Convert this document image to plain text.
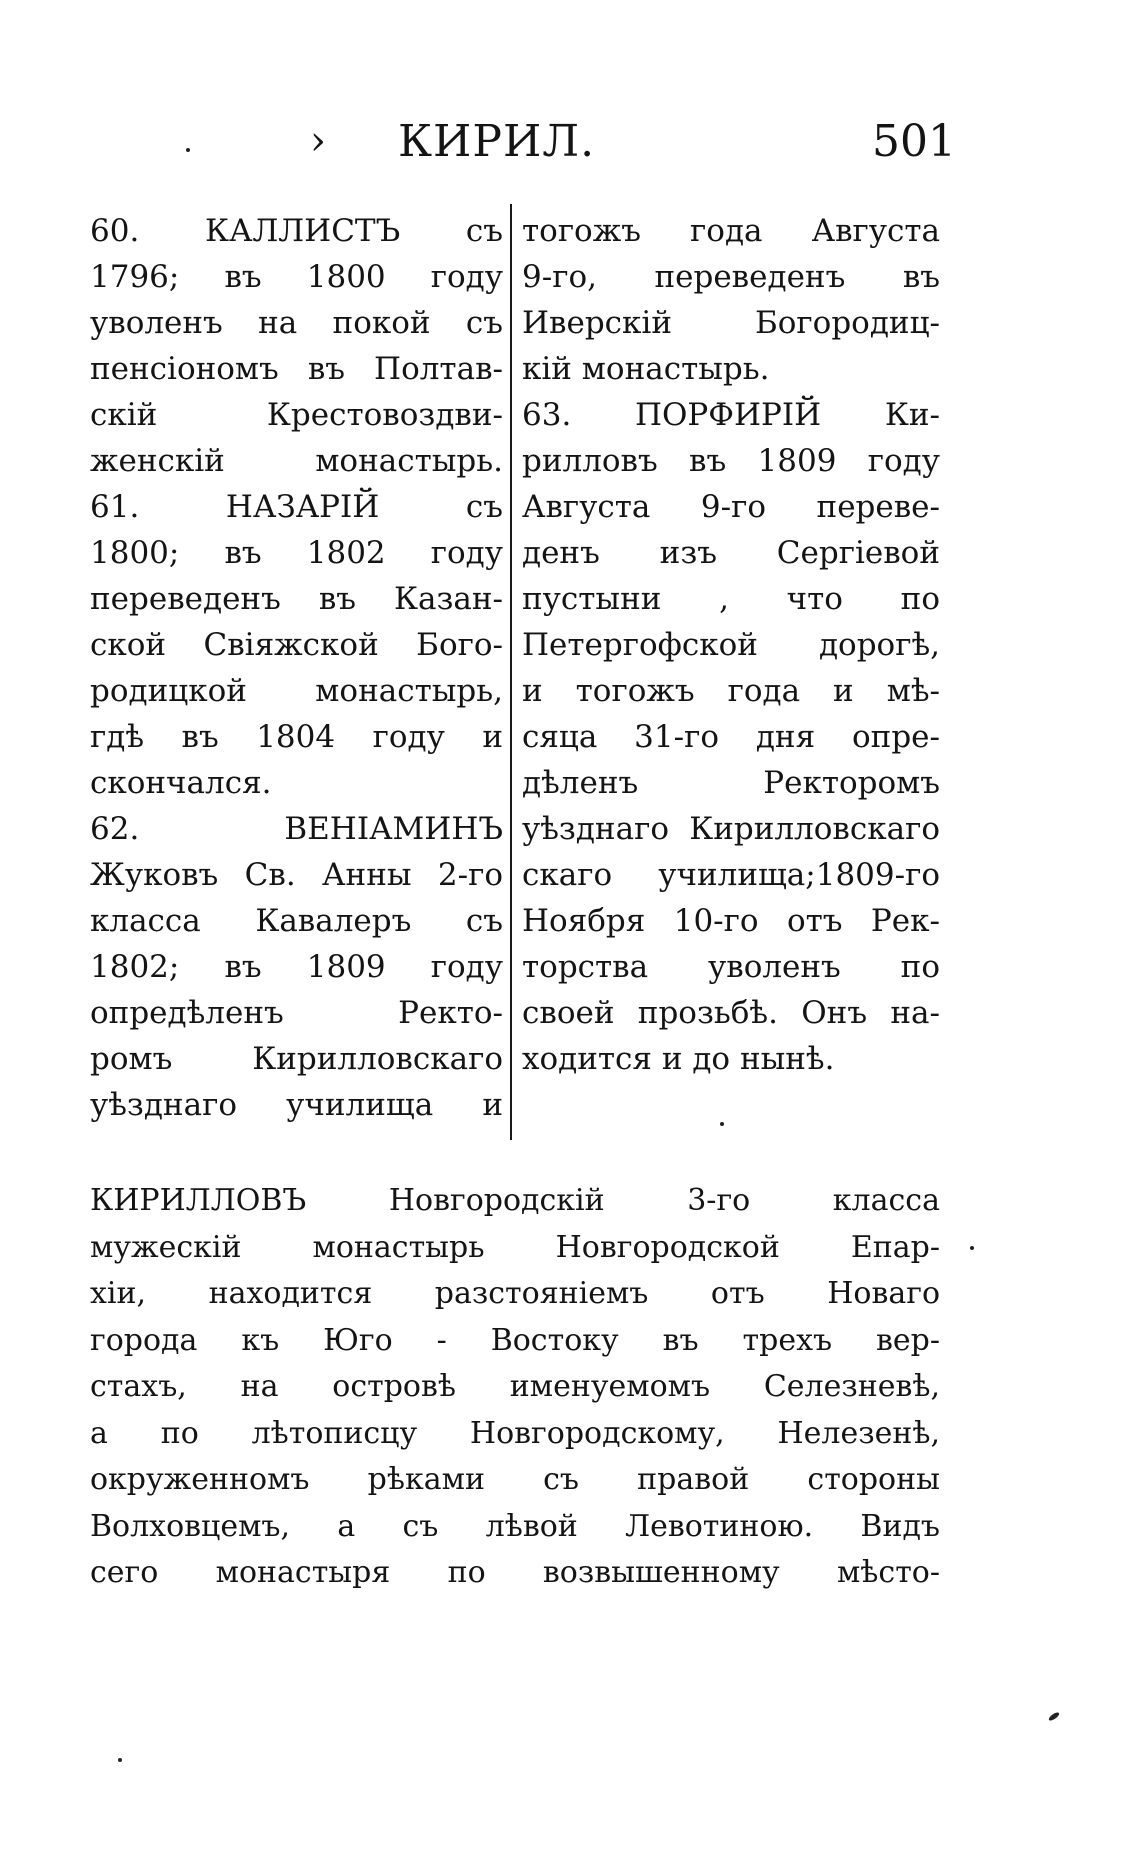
› КИРИЛ.	501
60. КАЛЛИСТЪ съ
1796; въ 1800 году
уволенъ на покой съ
пенсіономъ въ Полтав-
скій Крестовоздви-
женскій монастырь.
61. НАЗАРІЙ съ
1800; въ 1802 году
переведенъ въ Казан-
ской Свіяжской Бого-
родицкой монастырь,
гдѣ въ 1804 году и
скончался.
62. ВЕНІАМИНЪ
Жуковъ Св. Анны 2-го
класса Кавалеръ съ
1802; въ 1809 году
опредѣленъ Ректо-
ромъ Кирилловскаго
уѣзднаго училища и
тогожъ года Августа
9-го, переведенъ въ
Иверскій Богородиц-
кій монастырь.
63. ПОРФИРІЙ Ки-
рилловъ въ 1809 году
Августа 9-го переве-
денъ изъ Сергіевой
пустыни , что по
Петергофской дорогѣ,
и тогожъ года и мѣ-
сяца 31-го дня опре-
дѣленъ Ректоромъ
уѣзднаго Кирилловскаго
скаго училища;1809-го
Ноября 10-го отъ Рек-
торства уволенъ по
своей прозьбѣ. Онъ на-
ходится и до нынѣ.
КИРИЛЛОВЪ Новгородскій 3-го класса
мужескій монастырь Новгородской Епар-
хіи, находится разстояніемъ отъ Новаго
города къ Юго - Востоку въ трехъ вер-
стахъ, на островѣ именуемомъ Селезневѣ,
а по лѣтописцу Новгородскому, Нелезенѣ,
окруженномъ рѣками съ правой стороны
Волховцемъ, а съ лѣвой Левотиною. Видъ
сего монастыря по возвышенному мѣсто-
